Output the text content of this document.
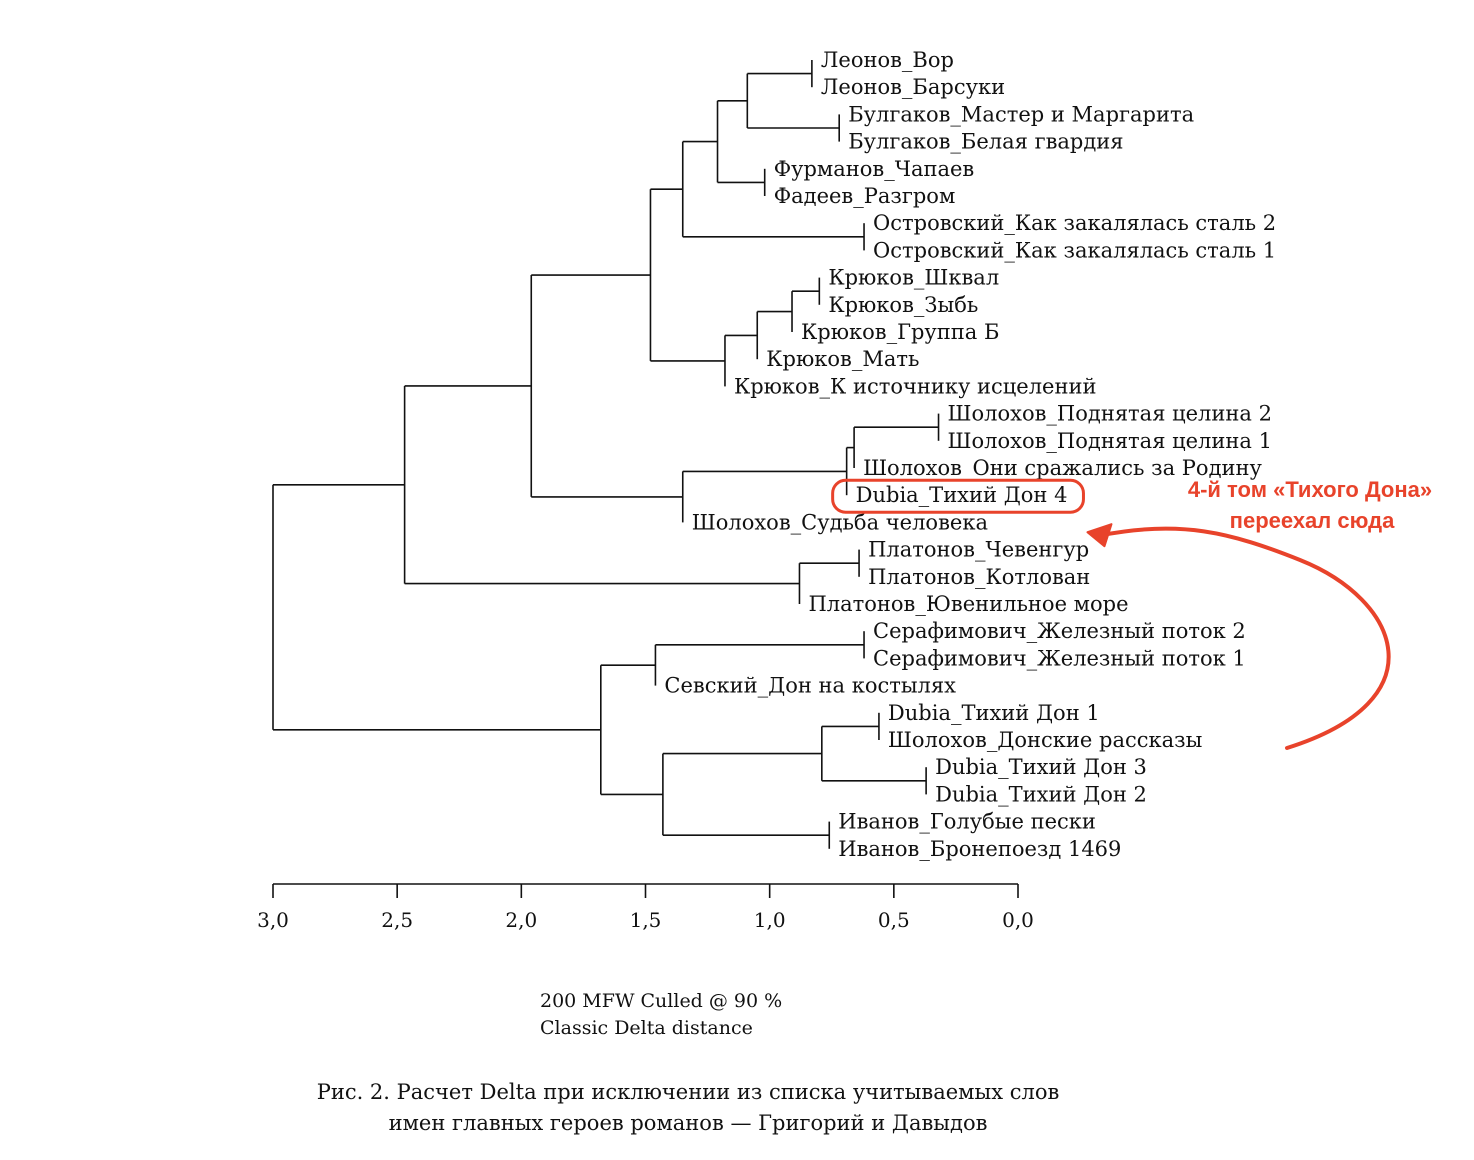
Леонов_Вор
Леонов_Барсуки
Булгаков_Мастер и Маргарита
Булгаков_Белая гвардия
Фурманов_Чапаев
Фадеев_Разгром
Островский_Как закалялась сталь 2
Островский_Как закалялась сталь 1
Крюков_Шквал
Крюков_Зыбь
Крюков_Группа Б
Крюков_Мать
Крюков_К источнику исцелений
Шолохов_Поднятая целина 2
Шолохов_Поднятая целина 1
Шолохов_Они сражались за Родину
Dubia_Тихий Дон 4
Шолохов_Судьба человека
Платонов_Чевенгур
Платонов_Котлован
Платонов_Ювенильное море
Серафимович_Железный поток 2
Серафимович_Железный поток 1
Севский_Дон на костылях
Dubia_Тихий Дон 1
Шолохов_Донские рассказы
Dubia_Тихий Дон 3
Dubia_Тихий Дон 2
Иванов_Голубые пески
Иванов_Бронепоезд 1469
3,0	2,5	2,0	1,5	1,0	0,5	0,0
4-й том «Тихого Дона»
переехал сюда
200 MFW Culled @ 90 %
Classic Delta distance
Рис. 2. Расчет Delta при исключении из списка учитываемых слов
имен главных героев романов — Григорий и Давыдов
